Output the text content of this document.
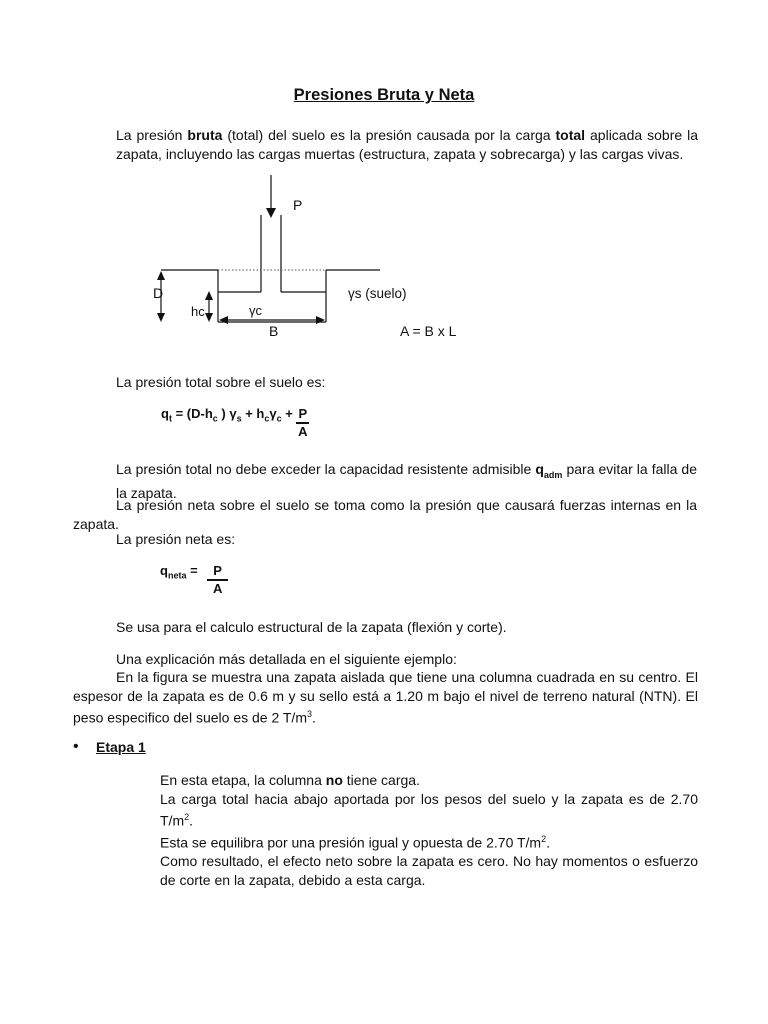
Presiones Bruta y Neta
La presión bruta (total) del suelo es la presión causada por la carga total aplicada sobre la zapata, incluyendo las cargas muertas (estructura, zapata y sobrecarga) y las cargas vivas.
P
D
hc	γc
γs (suelo)
B	A = B x L
La presión total sobre el suelo es:
$q_t = (D-h_c$ ) $\gamma_s + h_c\gamma_c + \frac{P}{A}$
La presión total no debe exceder la capacidad resistente admisible $q_{adm}$ para evitar la falla de la zapata.
La presión neta sobre el suelo se toma como la presión que causará fuerzas internas en la zapata.
La presión neta es:
$q_{neta} = \frac{P}{A}$
Se usa para el calculo estructural de la zapata (flexión y corte).
Una explicación más detallada en el siguiente ejemplo:
En la figura se muestra una zapata aislada que tiene una columna cuadrada en su centro. El espesor de la zapata es de 0.6 m y su sello está a 1.20 m bajo el nivel de terreno natural (NTN). El peso especifico del suelo es de 2 $T/m^3$.
• Etapa 1
En esta etapa, la columna no tiene carga.
La carga total hacia abajo aportada por los pesos del suelo y la zapata es de 2.70 $T/m^2$.
Esta se equilibra por una presión igual y opuesta de 2.70 $T/m^2$.
Como resultado, el efecto neto sobre la zapata es cero. No hay momentos o esfuerzo de corte en la zapata, debido a esta carga.
